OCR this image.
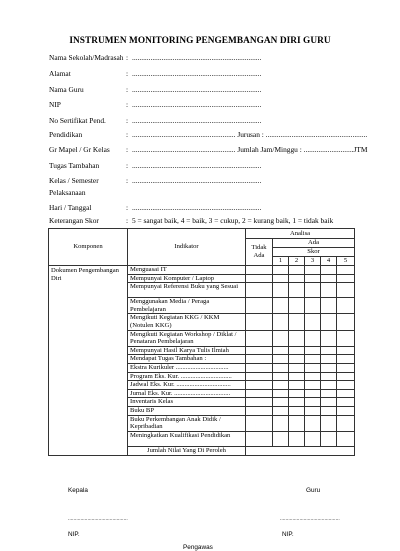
INSTRUMEN MONITORING PENGEMBANGAN DIRI GURU
Nama Sekolah/Madrasah : ......................................................................
Alamat	: ......................................................................
Nama Guru	: ......................................................................
NIP	: ......................................................................
No Sertifikat Pend.	: ......................................................................
Pendidikan	: ........................................................ Jurusan : .......................................................
Gr Mapel / Gr Kelas : ........................................................ Jumlah Jam/Minggu : ...........................JTM
Tugas Tambahan	: ......................................................................
Kelas / Semester	: ......................................................................
Pelaksanaan
Hari / Tanggal	: ......................................................................
Keterangan Skor	: 5 = sangat baik, 4 = baik, 3 = cukup, 2 = kurang baik, 1 = tidak baik
Komponen	Indikator	Analisa					
		Tidak Ada	Ada				
			Skor				
			1	2	3	4	5
Dokumen Pengembangan Diri	Menguasai IT						
	Mempunyai Komputer / Laptop						
	Mempunyai Referensi Buku yang Sesuai						
	Menggunakan Media / Peraga Pembelajaran						
	Mengikuti Kegiatan KKG / KKM (Notulen KKG)						
	Mengikuti Kegiatan Workshop / Diklat / Penataran Pembelajaran						
	Mempunyai Hasil Karya Tulis Ilmiah						
	Mendapat Tugas Tambahan :						
	Ekstra Kurikuler ................................						
	Program Eks. Kur. ...............................						
	Jadwal Eks. Kur. .................................						
	Jurnal Eks. Kur. ..................................						
	Inventaris Kelas						
	Buku BP						
	Buku Perkembangan Anak Didik / Kepribadian						
	Meningkatkan Kualifikasi Pendidikan						
	Jumlah Nilai Yang Di Peroleh						
Kepala	Guru
...........................................	...........................................
NIP.	NIP.
Pengawas
